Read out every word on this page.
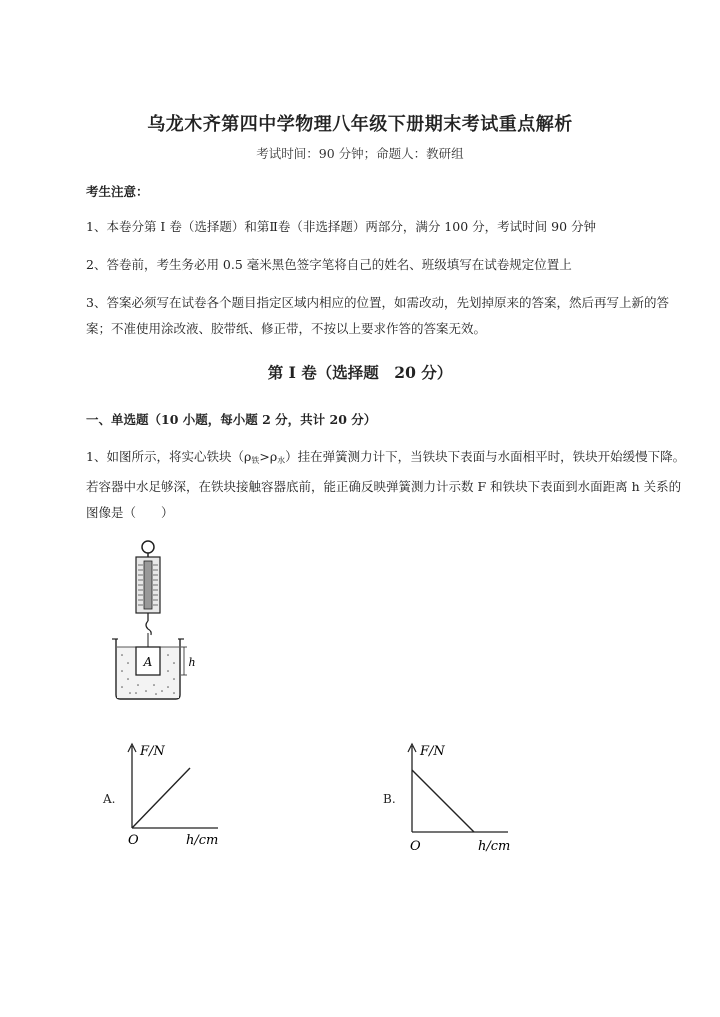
乌龙木齐第四中学物理八年级下册期末考试重点解析
考试时间：90 分钟；命题人：教研组
考生注意：
1、本卷分第 I 卷（选择题）和第Ⅱ卷（非选择题）两部分，满分 100 分，考试时间 90 分钟
2、答卷前，考生务必用 0.5 毫米黑色签字笔将自己的姓名、班级填写在试卷规定位置上
3、答案必须写在试卷各个题目指定区域内相应的位置，如需改动，先划掉原来的答案，然后再写上新的答案；不准使用涂改液、胶带纸、修正带，不按以上要求作答的答案无效。
第 I 卷（选择题　20 分）
一、单选题（10 小题，每小题 2 分，共计 20 分）
1、如图所示，将实心铁块$(\rho_铁>\rho_水)$挂在弹簧测力计下，当铁块下表面与水面相平时，铁块开始缓慢下降。若容器中水足够深，在铁块接触容器底前，能正确反映弹簧测力计示数 F 和铁块下表面到水面距离 h 关系的图像是（　　）
A	h
A.
F/N
O	h/cm
B.
F/N
O	h/cm
